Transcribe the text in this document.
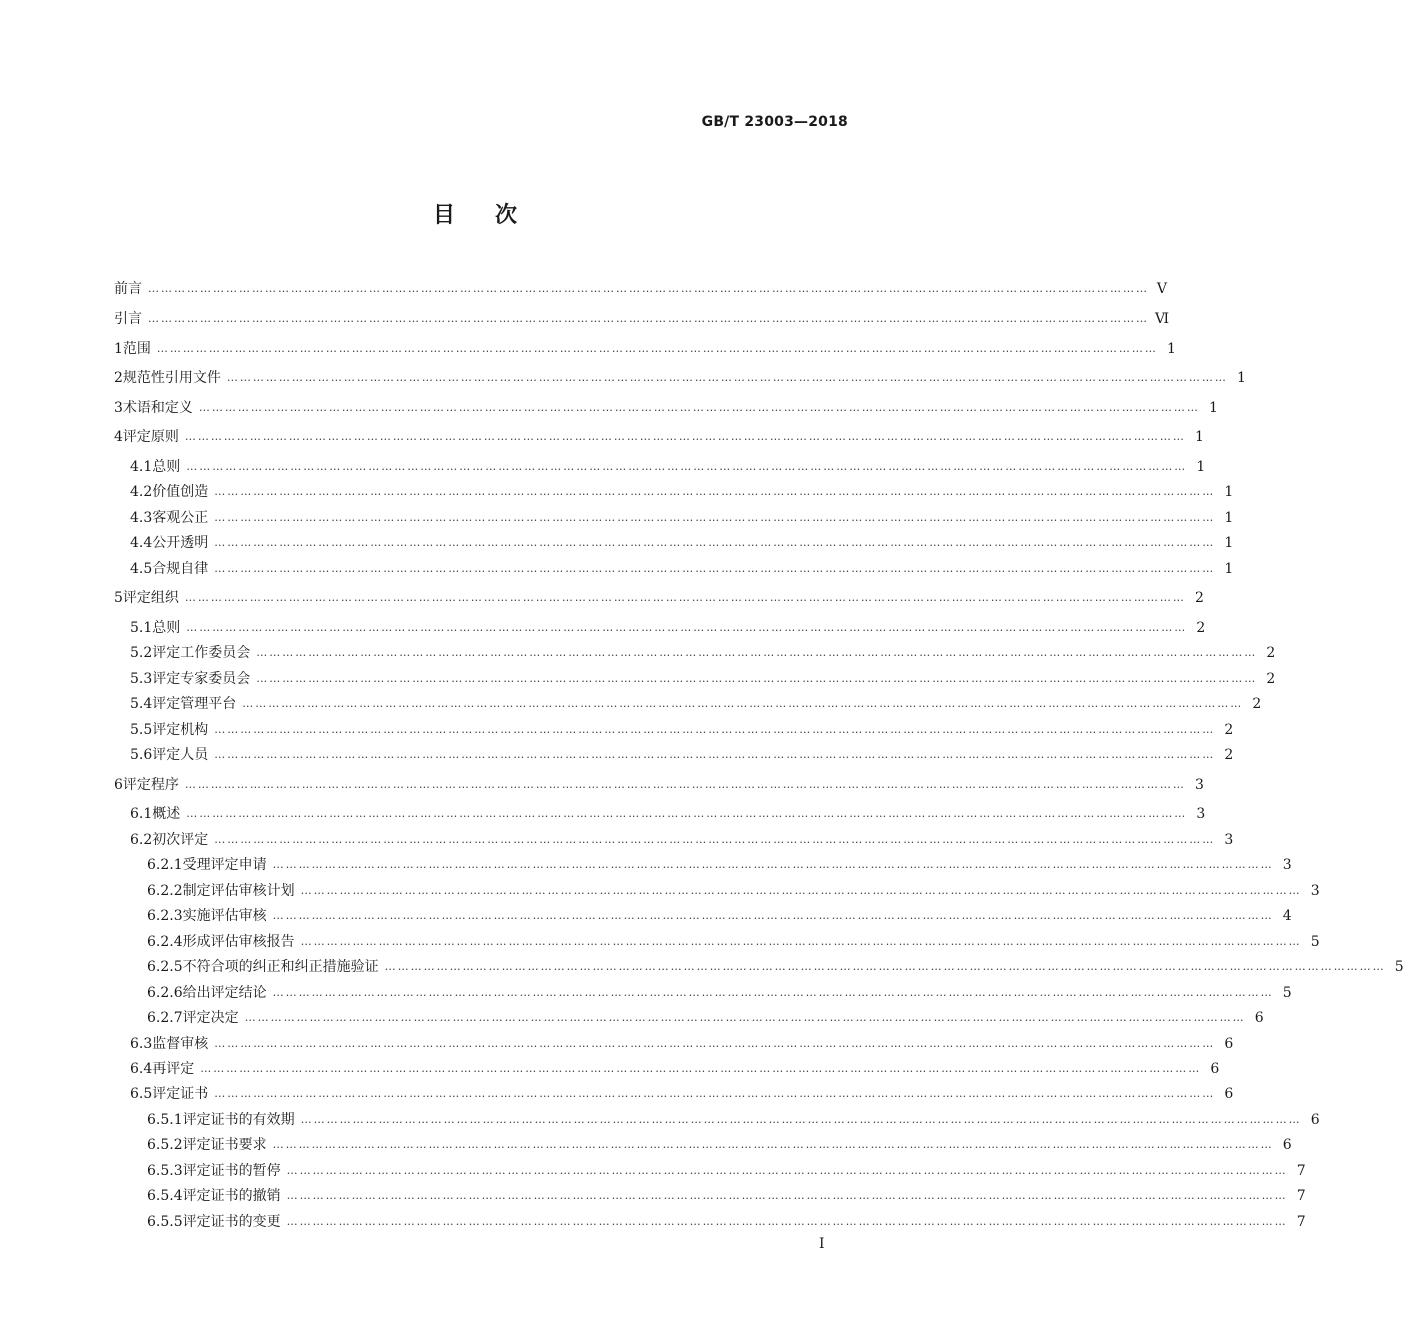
GB/T 23003—2018
目 次
前言 …………………………………………………………………………………………………………………………………………………………………………………………………………… Ⅴ
引言 …………………………………………………………………………………………………………………………………………………………………………………………………………… Ⅵ
1 范围 …………………………………………………………………………………………………………………………………………………………………………………………………………… 1
2 规范性引用文件 …………………………………………………………………………………………………………………………………………………………………………………………………………… 1
3 术语和定义 …………………………………………………………………………………………………………………………………………………………………………………………………………… 1
4 评定原则 …………………………………………………………………………………………………………………………………………………………………………………………………………… 1
4.1 总则 …………………………………………………………………………………………………………………………………………………………………………………………………………… 1
4.2 价值创造 …………………………………………………………………………………………………………………………………………………………………………………………………………… 1
4.3 客观公正 …………………………………………………………………………………………………………………………………………………………………………………………………………… 1
4.4 公开透明 …………………………………………………………………………………………………………………………………………………………………………………………………………… 1
4.5 合规自律 …………………………………………………………………………………………………………………………………………………………………………………………………………… 1
5 评定组织 …………………………………………………………………………………………………………………………………………………………………………………………………………… 2
5.1 总则 …………………………………………………………………………………………………………………………………………………………………………………………………………… 2
5.2 评定工作委员会 …………………………………………………………………………………………………………………………………………………………………………………………………………… 2
5.3 评定专家委员会 …………………………………………………………………………………………………………………………………………………………………………………………………………… 2
5.4 评定管理平台 …………………………………………………………………………………………………………………………………………………………………………………………………………… 2
5.5 评定机构 …………………………………………………………………………………………………………………………………………………………………………………………………………… 2
5.6 评定人员 …………………………………………………………………………………………………………………………………………………………………………………………………………… 2
6 评定程序 …………………………………………………………………………………………………………………………………………………………………………………………………………… 3
6.1 概述 …………………………………………………………………………………………………………………………………………………………………………………………………………… 3
6.2 初次评定 …………………………………………………………………………………………………………………………………………………………………………………………………………… 3
6.2.1 受理评定申请 …………………………………………………………………………………………………………………………………………………………………………………………………………… 3
6.2.2 制定评估审核计划 …………………………………………………………………………………………………………………………………………………………………………………………………………… 3
6.2.3 实施评估审核 …………………………………………………………………………………………………………………………………………………………………………………………………………… 4
6.2.4 形成评估审核报告 …………………………………………………………………………………………………………………………………………………………………………………………………………… 5
6.2.5 不符合项的纠正和纠正措施验证 …………………………………………………………………………………………………………………………………………………………………………………………………………… 5
6.2.6 给出评定结论 …………………………………………………………………………………………………………………………………………………………………………………………………………… 5
6.2.7 评定决定 …………………………………………………………………………………………………………………………………………………………………………………………………………… 6
6.3 监督审核 …………………………………………………………………………………………………………………………………………………………………………………………………………… 6
6.4 再评定 …………………………………………………………………………………………………………………………………………………………………………………………………………… 6
6.5 评定证书 …………………………………………………………………………………………………………………………………………………………………………………………………………… 6
6.5.1 评定证书的有效期 …………………………………………………………………………………………………………………………………………………………………………………………………………… 6
6.5.2 评定证书要求 …………………………………………………………………………………………………………………………………………………………………………………………………………… 6
6.5.3 评定证书的暂停 …………………………………………………………………………………………………………………………………………………………………………………………………………… 7
6.5.4 评定证书的撤销 …………………………………………………………………………………………………………………………………………………………………………………………………………… 7
6.5.5 评定证书的变更 …………………………………………………………………………………………………………………………………………………………………………………………………………… 7
Ⅰ
